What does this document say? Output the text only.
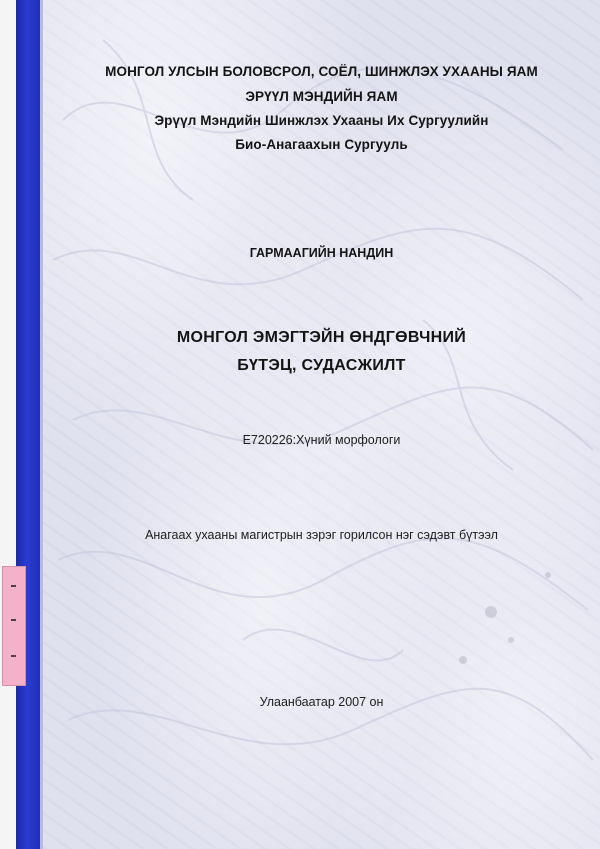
МОНГОЛ УЛСЫН БОЛОВСРОЛ, СОЁЛ, ШИНЖЛЭХ УХААНЫ ЯАМ

ЭРҮҮЛ МЭНДИЙН ЯАМ

Эрүүл Мэндийн Шинжлэх Ухааны Их Сургуулийн

Био-Анагаахын Сургууль

ГАРМААГИЙН НАНДИН

МОНГОЛ ЭМЭГТЭЙН ӨНДГӨВЧНИЙ

БҮТЭЦ, СУДАСЖИЛТ

Е720226:Хүний морфологи

Анагаах ухааны магистрын зэрэг горилсон нэг сэдэвт бүтээл

Улаанбаатар 2007 он
